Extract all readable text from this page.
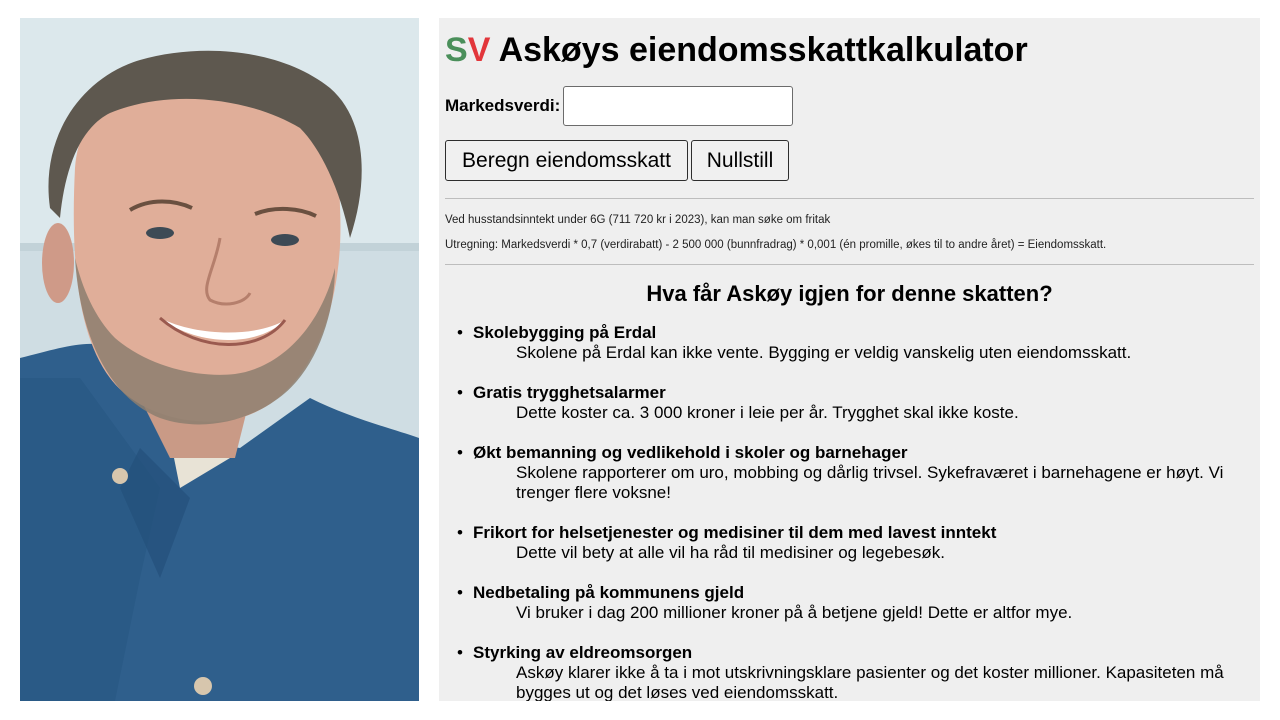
SV Askøys eiendomsskattkalkulator
Markedsverdi:
Beregn eiendomsskatt	Nullstill
Ved husstandsinntekt under 6G (711 720 kr i 2023), kan man søke om fritak
Utregning: Markedsverdi * 0,7 (verdirabatt) - 2 500 000 (bunnfradrag) * 0,001 (én promille, økes til to andre året) = Eiendomsskatt.
Hva får Askøy igjen for denne skatten?
• Skolebygging på Erdal
Skolene på Erdal kan ikke vente. Bygging er veldig vanskelig uten eiendomsskatt.
• Gratis trygghetsalarmer
Dette koster ca. 3 000 kroner i leie per år. Trygghet skal ikke koste.
• Økt bemanning og vedlikehold i skoler og barnehager
Skolene rapporterer om uro, mobbing og dårlig trivsel. Sykefraværet i barnehagene er høyt. Vi trenger flere voksne!
• Frikort for helsetjenester og medisiner til dem med lavest inntekt
Dette vil bety at alle vil ha råd til medisiner og legebesøk.
• Nedbetaling på kommunens gjeld
Vi bruker i dag 200 millioner kroner på å betjene gjeld! Dette er altfor mye.
• Styrking av eldreomsorgen
Askøy klarer ikke å ta i mot utskrivningsklare pasienter og det koster millioner. Kapasiteten må bygges ut og det løses ved eiendomsskatt.
